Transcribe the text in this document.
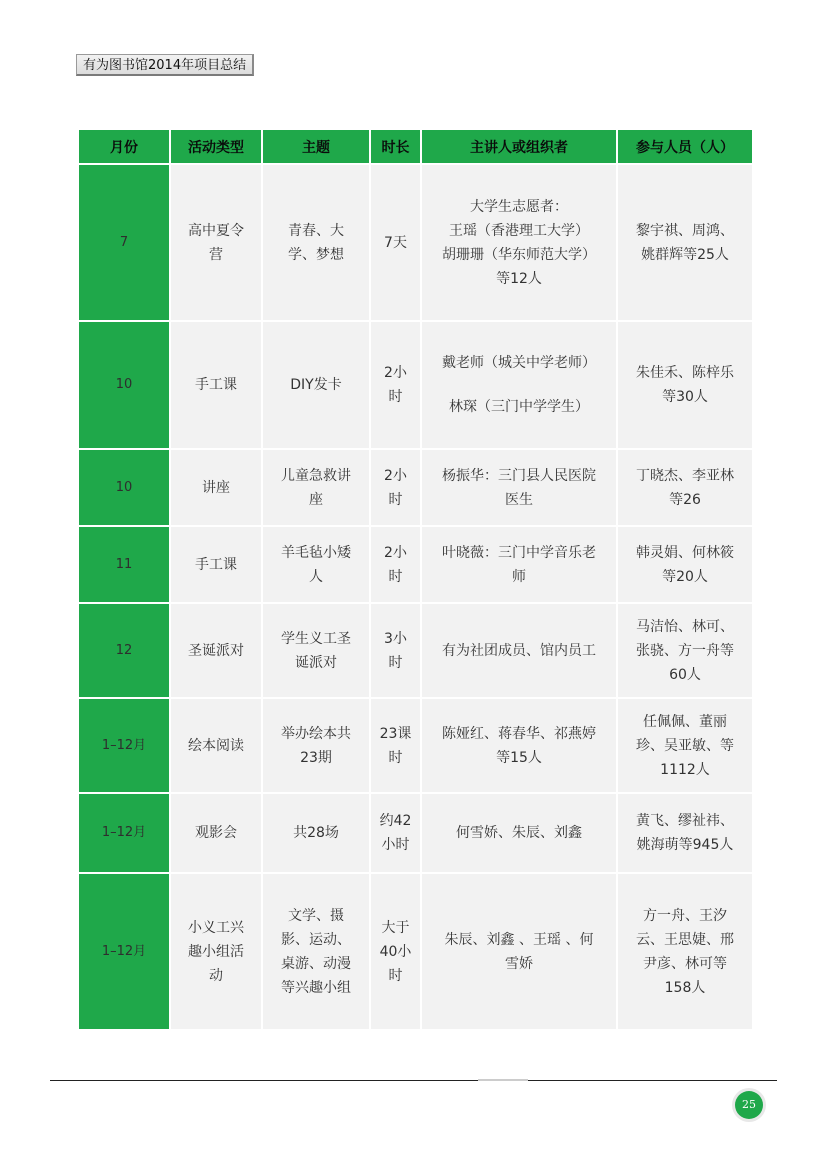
有为图书馆2014年项目总结
月份	活动类型	主题	时长	主讲人或组织者	参与人员（人）
7	高中夏令
营	青春、大
学、梦想	7天	大学生志愿者：
王瑶（香港理工大学）
胡珊珊（华东师范大学）
等12人	黎宇祺、周鸿、
姚群辉等25人

10	手工课	DIY发卡	2小
时	戴老师（城关中学老师）
林琛（三门中学学生）	朱佳禾、陈梓乐
等30人

10	讲座	儿童急救讲
座	2小
时	杨振华：三门县人民医院
医生	丁晓杰、李亚林
等26

11	手工课	羊毛毡小矮
人	2小
时	叶晓薇：三门中学音乐老
师	韩灵娟、何林筱
等20人

12	圣诞派对	学生义工圣
诞派对	3小
时	有为社团成员、馆内员工	马洁怡、林可、
张骁、方一舟等
60人

1–12月	绘本阅读	举办绘本共
23期	23课
时	陈娅红、蒋春华、祁燕婷
等15人	任佩佩、董丽
珍、吴亚敏、等
1112人

1–12月	观影会	共28场	约42
小时	何雪娇、朱辰、刘鑫	黄飞、缪祉祎、
姚海萌等945人

1–12月	小义工兴
趣小组活
动	文学、摄
影、运动、
桌游、动漫
等兴趣小组	大于
40小
时	朱辰、刘鑫 、王瑶 、何
雪娇	方一舟、王汐
云、王思婕、邢
尹彦、林可等
158人
25
